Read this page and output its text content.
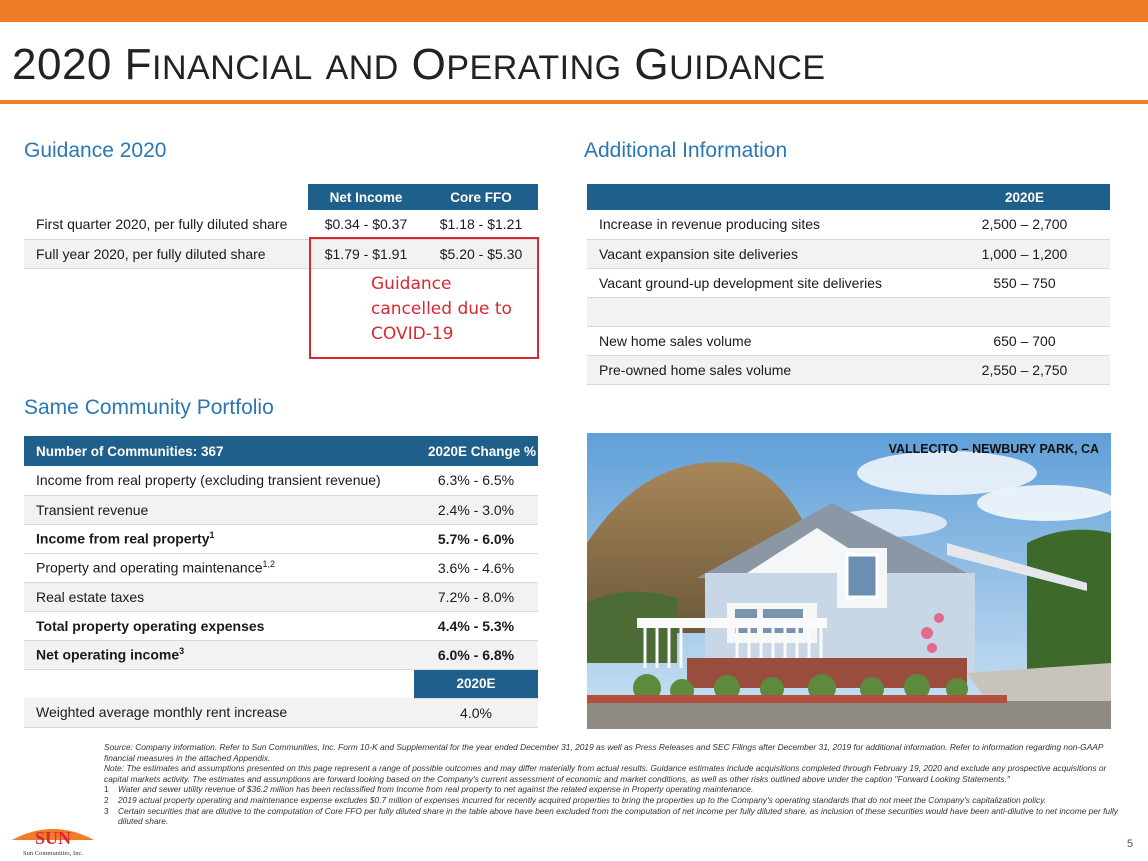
2020 FINANCIAL AND OPERATING GUIDANCE
Guidance 2020
	Net Income	Core FFO
First quarter 2020, per fully diluted share	$0.34 - $0.37	$1.18 - $1.21
Full year 2020, per fully diluted share	$1.79 - $1.91	$5.20 - $5.30
Guidance cancelled due to COVID-19
Additional Information
	2020E
Increase in revenue producing sites	2,500 – 2,700
Vacant expansion site deliveries	1,000 – 1,200
Vacant ground-up development site deliveries	550 – 750

New home sales volume	650 – 700
Pre-owned home sales volume	2,550 – 2,750
Same Community Portfolio
Number of Communities: 367	2020E Change %
Income from real property (excluding transient revenue)	6.3% - 6.5%
Transient revenue	2.4% - 3.0%
Income from real property$^1$	5.7% - 6.0%
Property and operating maintenance$^{1,2}$	3.6% - 4.6%
Real estate taxes	7.2% - 8.0%
Total property operating expenses	4.4% - 5.3%
Net operating income$^3$	6.0% - 6.8%
	2020E
Weighted average monthly rent increase	4.0%
VALLECITO – NEWBURY PARK, CA

Source: Company information. Refer to Sun Communities, Inc. Form 10-K and Supplemental for the year ended December 31, 2019 as well as Press Releases and SEC Filings after December 31, 2019 for additional information. Refer to information regarding non-GAAP financial measures in the attached Appendix.

Note: The estimates and assumptions presented on this page represent a range of possible outcomes and may differ materially from actual results. Guidance estimates include acquisitions completed through February 19, 2020 and exclude any prospective acquisitions or capital markets activity. The estimates and assumptions are forward looking based on the Company's current assessment of economic and market conditions, as well as other risks outlined above under the caption "Forward Looking Statements."

1	Water and sewer utility revenue of $36.2 million has been reclassified from Income from real property to net against the related expense in Property operating maintenance.
2	2019 actual property operating and maintenance expense excludes $0.7 million of expenses incurred for recently acquired properties to bring the properties up to the Company's operating standards that do not meet the Company's capitalization policy.
3	Certain securities that are dilutive to the computation of Core FFO per fully diluted share in the table above have been excluded from the computation of net income per fully diluted share, as inclusion of these securities would have been anti-dilutive to net income per fully diluted share.
SUN
Sun Communities, Inc.
5
